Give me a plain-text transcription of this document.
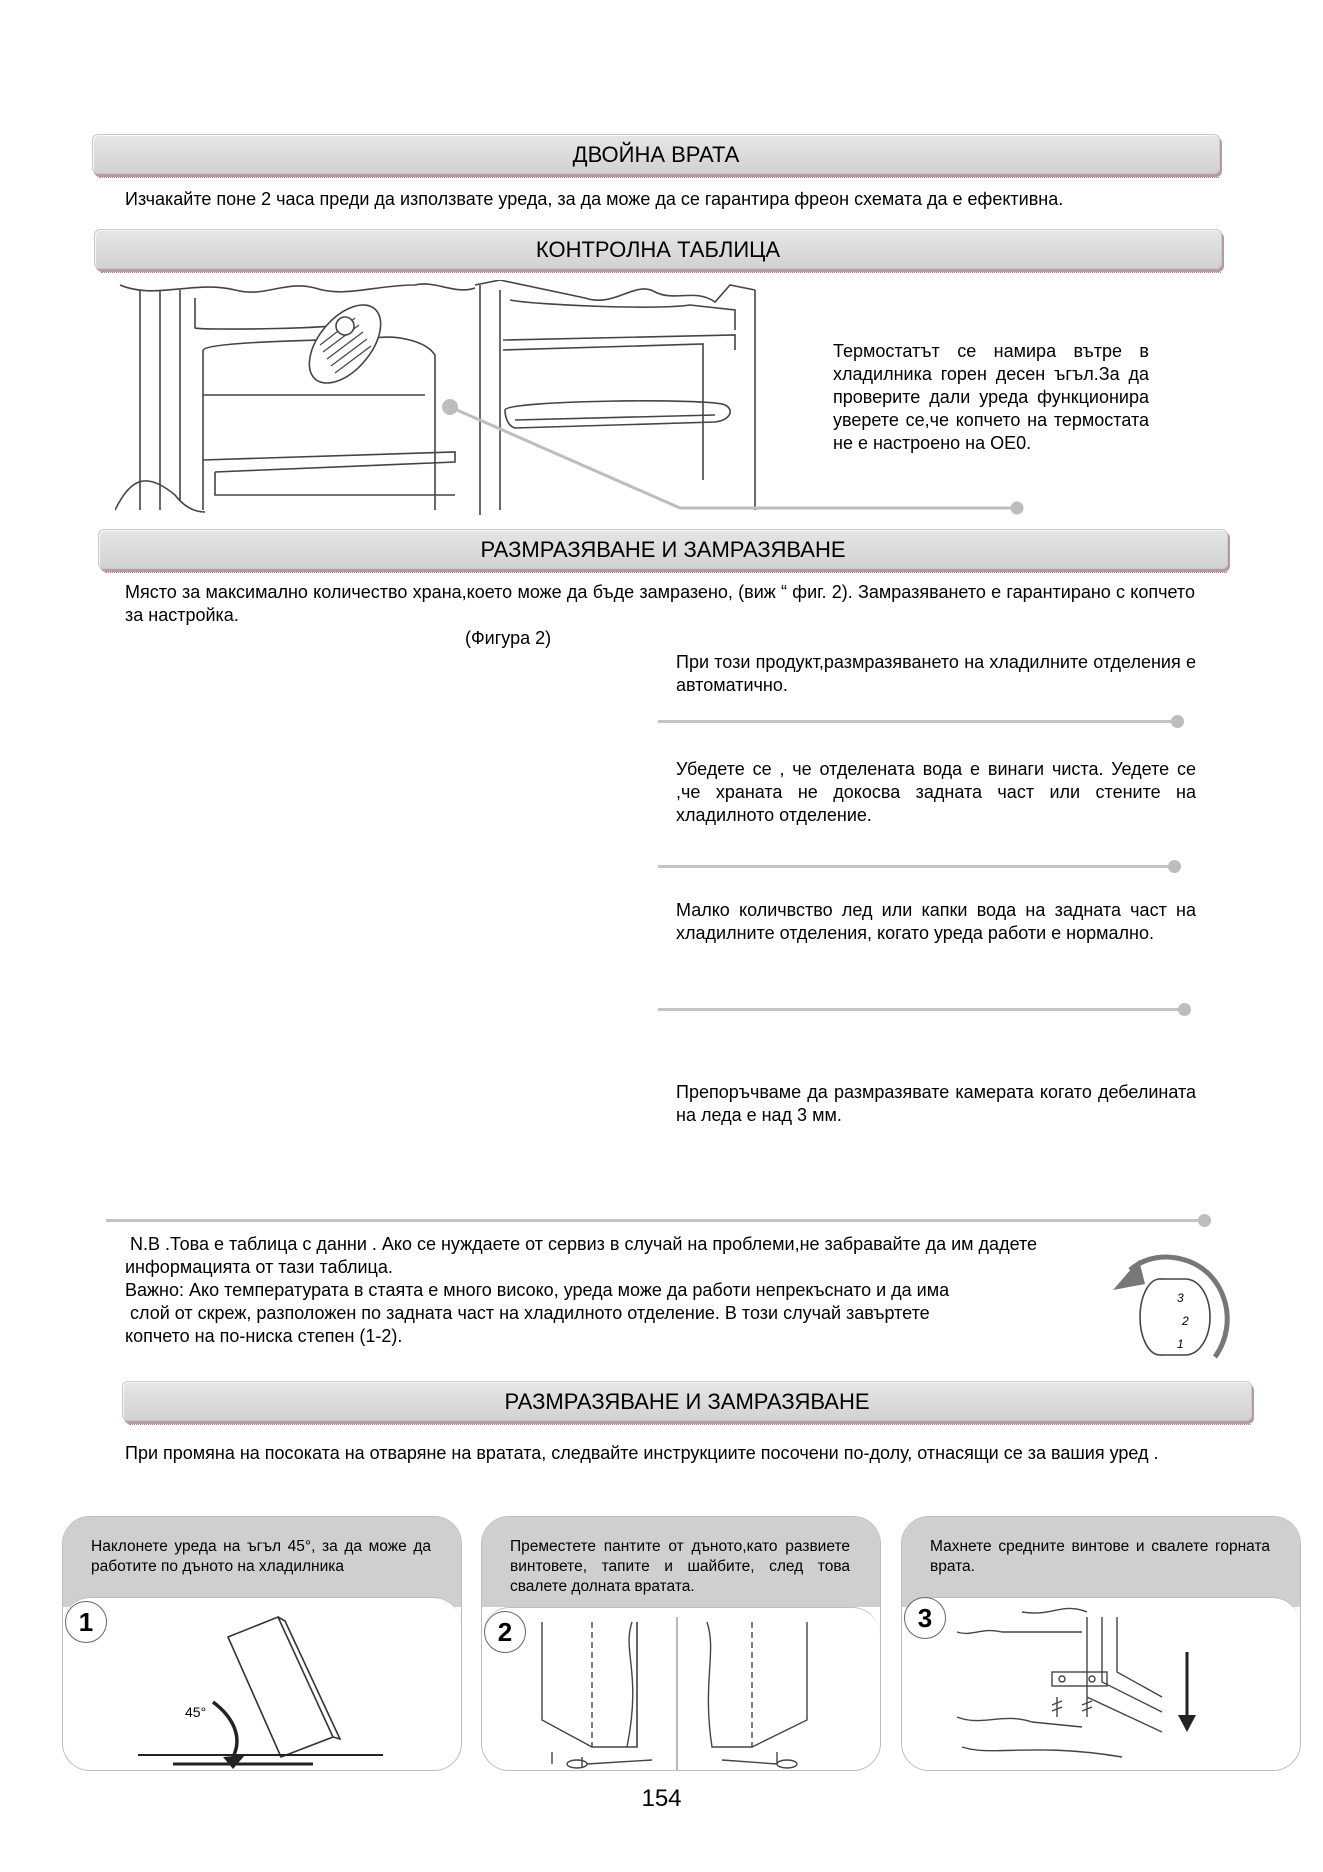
ДВОЙНА ВРАТА
Изчакайте поне 2 часа преди да използвате уреда, за да може да се гарантира фреон схемата да е ефективна.
КОНТРОЛНА ТАБЛИЦА
Термостатът се намира вътре в хладилника горен десен ъгъл.За да проверите дали уреда функционира уверете се,че копчето на термостата не е настроено на ОЕ0.
РАЗМРАЗЯВАНЕ И ЗАМРАЗЯВАНЕ
Място за максимално количество храна,което може да бъде замразено, (виж “ фиг. 2). Замразяването е гарантирано с копчето за настройка.
(Фигура 2)
При този продукт,размразяването на хладилните отделения е автоматично.
Убедете се , че отделената вода е винаги чиста. Уедете се ,че храната не докосва задната част или стените на хладилното отделение.
Малко количвство лед или капки вода на задната част на хладилните отделения, когато уреда работи е нормално.
Препоръчваме да размразявате камерата когато дебелината на леда е над 3 мм.
N.B .Това е таблица с данни . Ако се нуждаете от сервиз в случай на проблеми,не забравайте да им дадете
информацията от тази таблица.
Важно: Ако температурата в стаята е много високо, уреда може да работи непрекъснато и да има
слой от скреж, разположен по задната част на хладилното отделение. В този случай завъртете
копчето на по-ниска степен (1-2).
3
2
1
РАЗМРАЗЯВАНЕ И ЗАМРАЗЯВАНЕ
При промяна на посоката на отваряне на вратата, следвайте инструкциите посочени по-долу, отнасящи се за вашия уред .
Наклонете уреда на ъгъл 45°, за да може да работите по дъното на хладилника
1
45°
Преместете пантите от дъното,като развиете винтовете, тапите и шайбите, след това свалете долната вратата.
2
Махнете средните винтове и свалете горната врата.
3
154
